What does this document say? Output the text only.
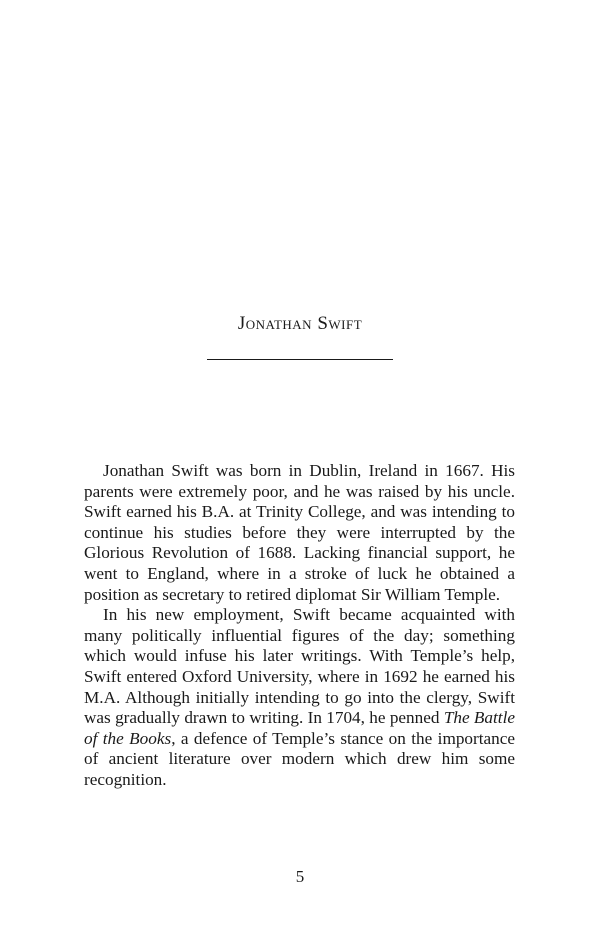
Jonathan Swift

Jonathan Swift was born in Dublin, Ireland in 1667. His parents were extremely poor, and he was raised by his uncle. Swift earned his B.A. at Trinity College, and was intending to continue his studies before they were interrupted by the Glorious Revolution of 1688. Lacking financial support, he went to England, where in a stroke of luck he obtained a position as secretary to retired diplomat Sir William Temple.

In his new employment, Swift became acquainted with many politically influential figures of the day; something which would infuse his later writings. With Temple’s help, Swift entered Oxford University, where in 1692 he earned his M.A. Although initially intending to go into the clergy, Swift was gradually drawn to writing. In 1704, he penned The Battle of the Books, a defence of Temple’s stance on the importance of ancient literature over modern which drew him some recognition.

5
